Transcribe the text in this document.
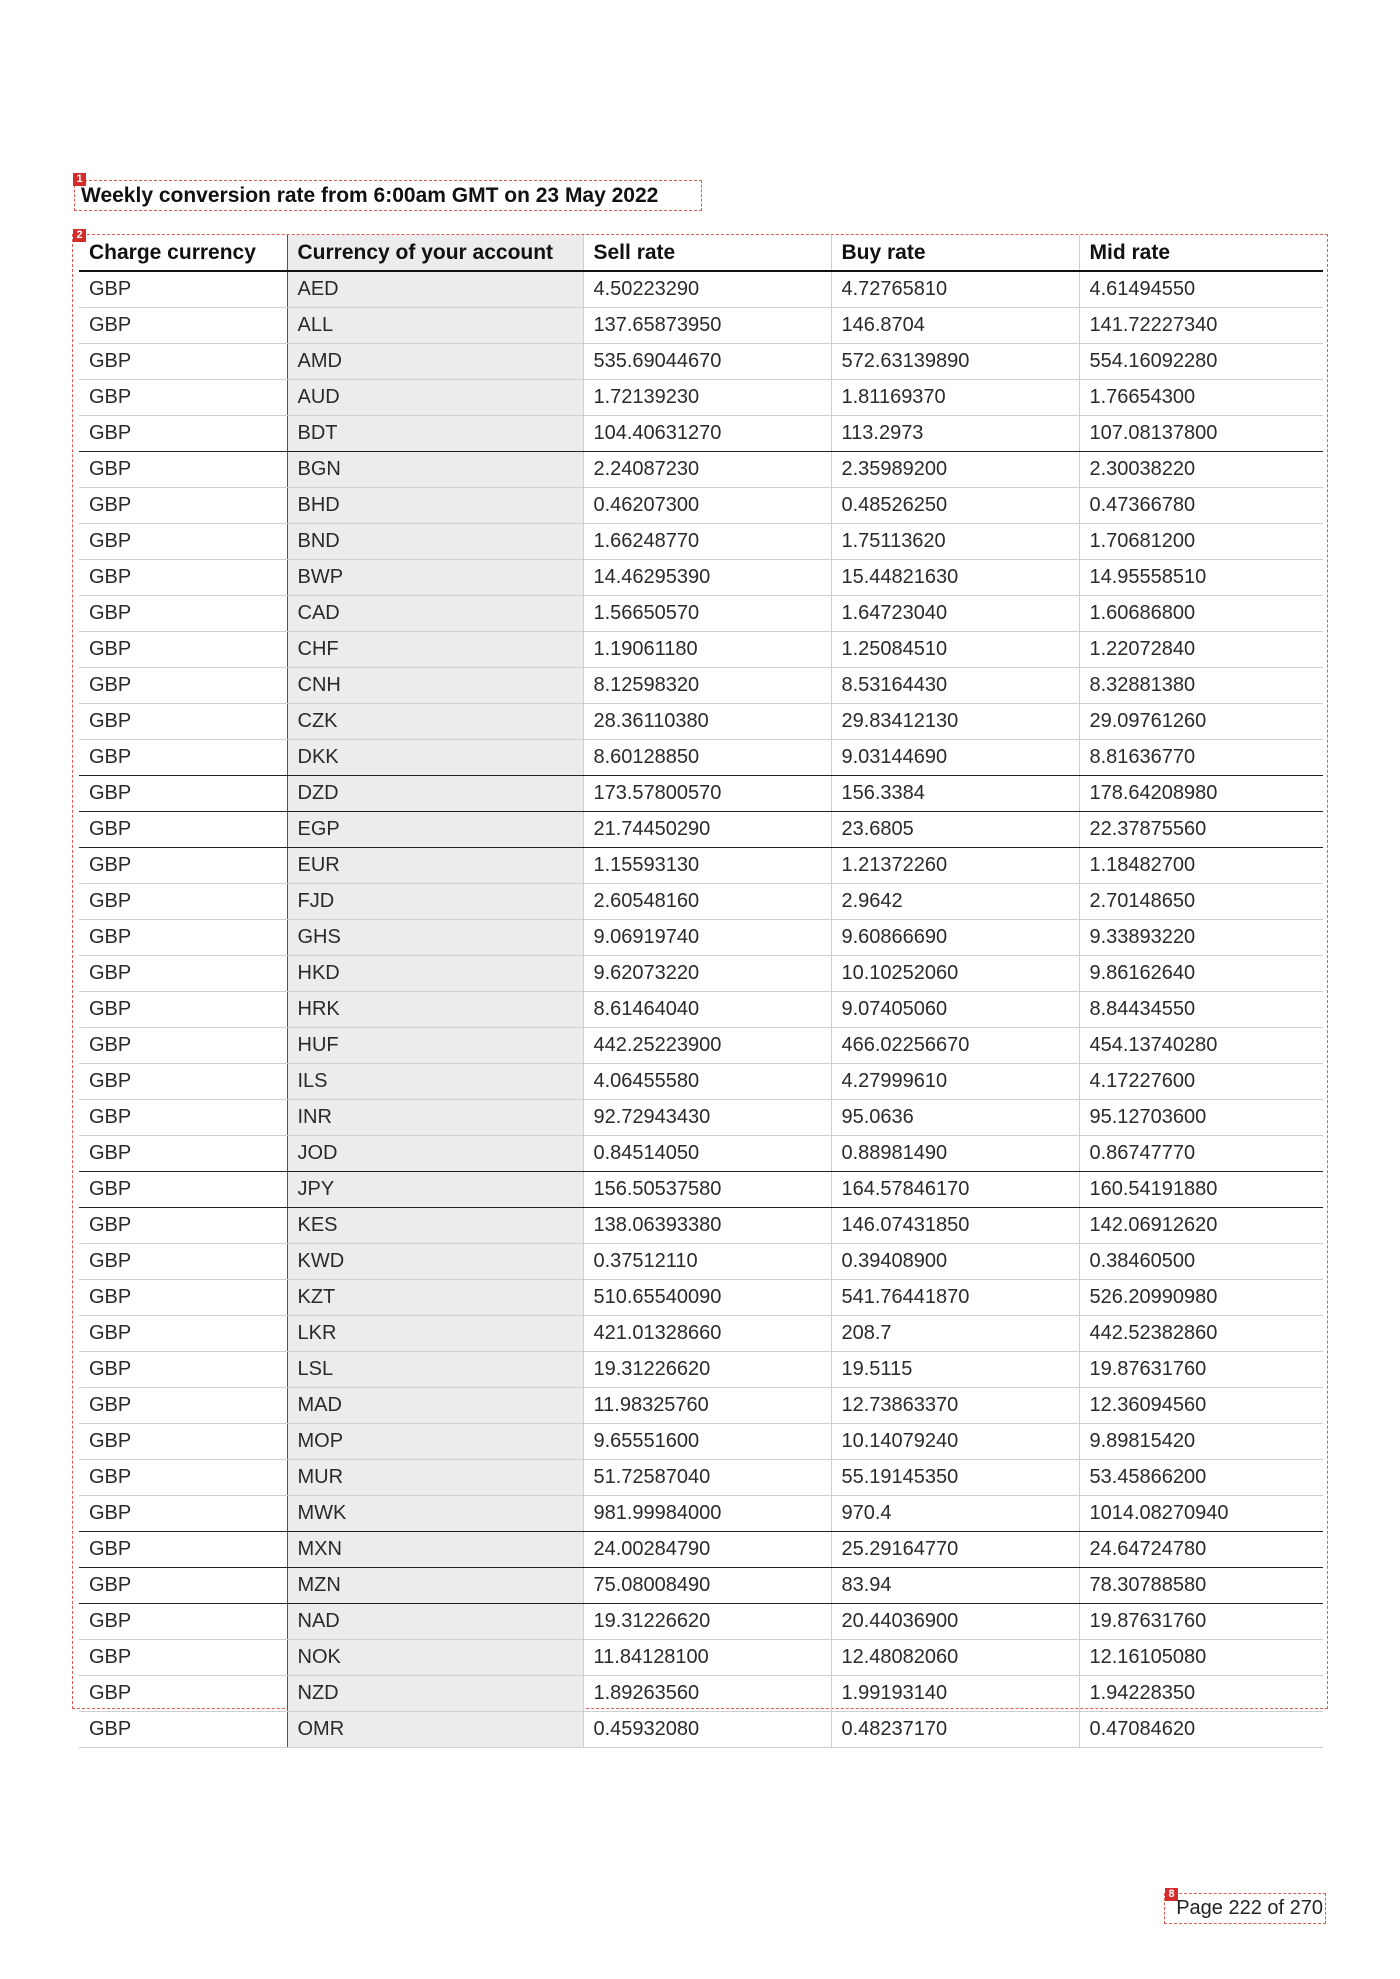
1
Weekly conversion rate from 6:00am GMT on 23 May 2022
Charge currency	Currency of your account	Sell rate	Buy rate	Mid rate
GBP	AED	4.50223290	4.72765810	4.61494550
GBP	ALL	137.65873950	146.8704	141.72227340
GBP	AMD	535.69044670	572.63139890	554.16092280
GBP	AUD	1.72139230	1.81169370	1.76654300
GBP	BDT	104.40631270	113.2973	107.08137800
GBP	BGN	2.24087230	2.35989200	2.30038220
GBP	BHD	0.46207300	0.48526250	0.47366780
GBP	BND	1.66248770	1.75113620	1.70681200
GBP	BWP	14.46295390	15.44821630	14.95558510
GBP	CAD	1.56650570	1.64723040	1.60686800
GBP	CHF	1.19061180	1.25084510	1.22072840
GBP	CNH	8.12598320	8.53164430	8.32881380
GBP	CZK	28.36110380	29.83412130	29.09761260
GBP	DKK	8.60128850	9.03144690	8.81636770
GBP	DZD	173.57800570	156.3384	178.64208980
GBP	EGP	21.74450290	23.6805	22.37875560
GBP	EUR	1.15593130	1.21372260	1.18482700
GBP	FJD	2.60548160	2.9642	2.70148650
GBP	GHS	9.06919740	9.60866690	9.33893220
GBP	HKD	9.62073220	10.10252060	9.86162640
GBP	HRK	8.61464040	9.07405060	8.84434550
GBP	HUF	442.25223900	466.02256670	454.13740280
GBP	ILS	4.06455580	4.27999610	4.17227600
GBP	INR	92.72943430	95.0636	95.12703600
GBP	JOD	0.84514050	0.88981490	0.86747770
GBP	JPY	156.50537580	164.57846170	160.54191880
GBP	KES	138.06393380	146.07431850	142.06912620
GBP	KWD	0.37512110	0.39408900	0.38460500
GBP	KZT	510.65540090	541.76441870	526.20990980
GBP	LKR	421.01328660	208.7	442.52382860
GBP	LSL	19.31226620	19.5115	19.87631760
GBP	MAD	11.98325760	12.73863370	12.36094560
GBP	MOP	9.65551600	10.14079240	9.89815420
GBP	MUR	51.72587040	55.19145350	53.45866200
GBP	MWK	981.99984000	970.4	1014.08270940
GBP	MXN	24.00284790	25.29164770	24.64724780
GBP	MZN	75.08008490	83.94	78.30788580
GBP	NAD	19.31226620	20.44036900	19.87631760
GBP	NOK	11.84128100	12.48082060	12.16105080
GBP	NZD	1.89263560	1.99193140	1.94228350
GBP	OMR	0.45932080	0.48237170	0.47084620
2
8
Page 222 of 270
